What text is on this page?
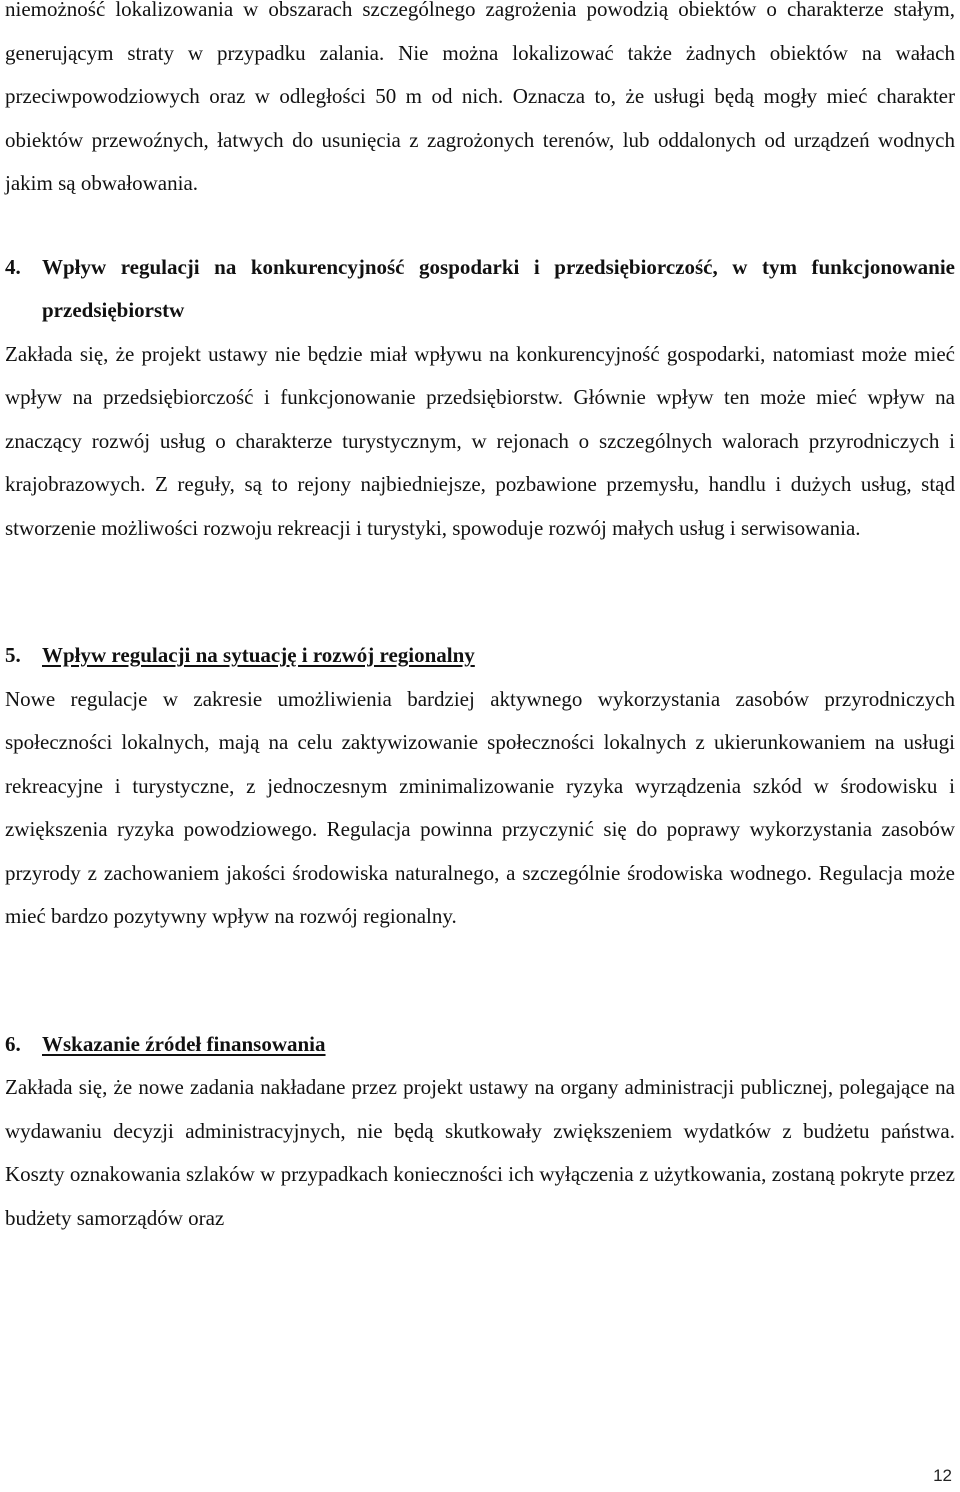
niemożność lokalizowania w obszarach szczególnego zagrożenia powodzią obiektów o charakterze stałym, generującym straty w przypadku zalania. Nie można lokalizować także żadnych obiektów na wałach przeciwpowodziowych oraz w odległości 50 m od nich. Oznacza to, że usługi będą mogły mieć charakter obiektów przewoźnych, łatwych do usunięcia z zagrożonych terenów, lub oddalonych od urządzeń wodnych jakim są obwałowania.

4.	Wpływ regulacji na konkurencyjność gospodarki i przedsiębiorczość, w tym funkcjonowanie przedsiębiorstw

Zakłada się, że projekt ustawy nie będzie miał wpływu na konkurencyjność gospodarki, natomiast może mieć wpływ na przedsiębiorczość i funkcjonowanie przedsiębiorstw. Głównie wpływ ten może mieć wpływ na znaczący rozwój usług o charakterze turystycznym, w rejonach o szczególnych walorach przyrodniczych i krajobrazowych. Z reguły, są to rejony najbiedniejsze, pozbawione przemysłu, handlu i dużych usług, stąd stworzenie możliwości rozwoju rekreacji i turystyki, spowoduje rozwój małych usług i serwisowania.

5.	Wpływ regulacji na sytuację i rozwój regionalny

Nowe regulacje w zakresie umożliwienia bardziej aktywnego wykorzystania zasobów przyrodniczych społeczności lokalnych, mają na celu zaktywizowanie społeczności lokalnych z ukierunkowaniem na usługi rekreacyjne i turystyczne, z jednoczesnym zminimalizowanie ryzyka wyrządzenia szkód w środowisku i zwiększenia ryzyka powodziowego. Regulacja powinna przyczynić się do poprawy wykorzystania zasobów przyrody z zachowaniem jakości środowiska naturalnego, a szczególnie środowiska wodnego. Regulacja może mieć bardzo pozytywny wpływ na rozwój regionalny.

6.	Wskazanie źródeł finansowania

Zakłada się, że nowe zadania nakładane przez projekt ustawy na organy administracji publicznej, polegające na wydawaniu decyzji administracyjnych, nie będą skutkowały zwiększeniem wydatków z budżetu państwa. Koszty oznakowania szlaków w przypadkach konieczności ich wyłączenia z użytkowania, zostaną pokryte przez budżety samorządów oraz

12
